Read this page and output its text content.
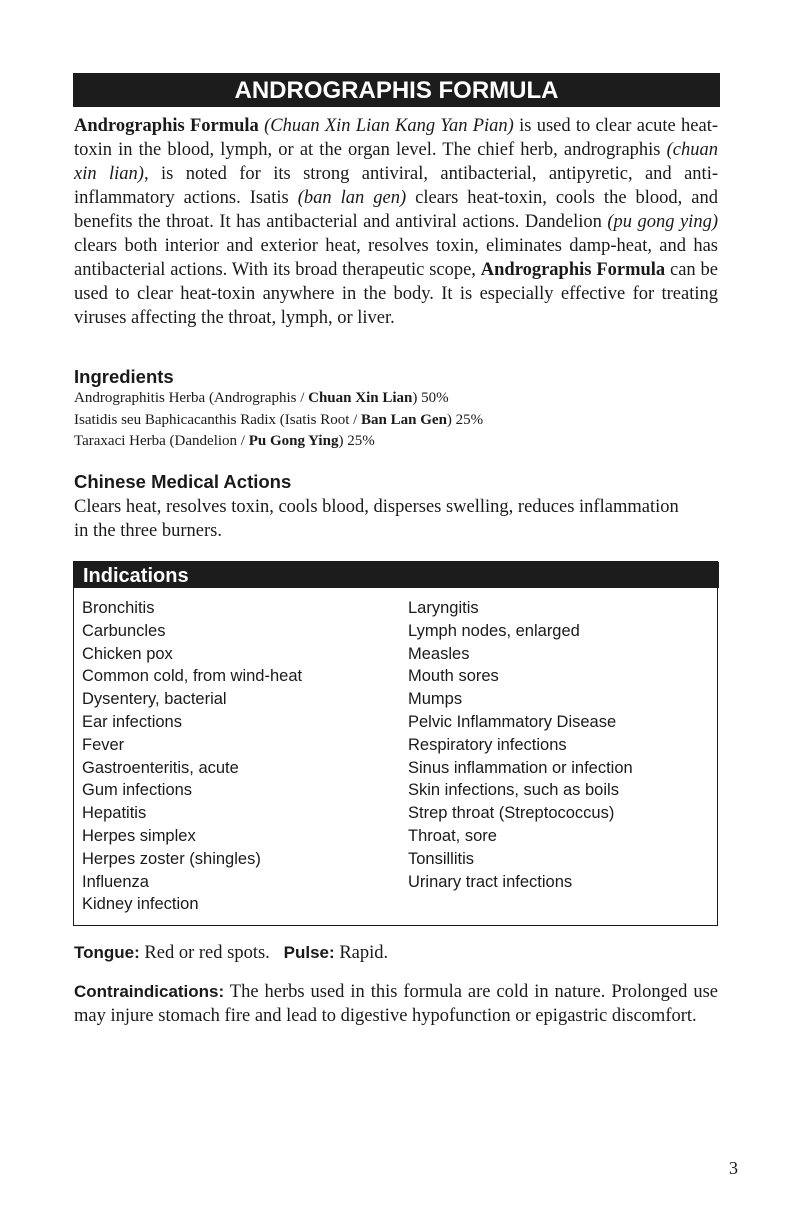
ANDROGRAPHIS FORMULA
Andrographis Formula (Chuan Xin Lian Kang Yan Pian) is used to clear acute heat-toxin in the blood, lymph, or at the organ level. The chief herb, andrographis (chuan xin lian), is noted for its strong antiviral, antibacterial, antipyretic, and anti-inflammatory actions. Isatis (ban lan gen) clears heat-toxin, cools the blood, and benefits the throat. It has antibacterial and antiviral actions. Dandelion (pu gong ying) clears both interior and exterior heat, resolves toxin, eliminates damp-heat, and has antibacterial actions. With its broad therapeutic scope, Andrographis Formula can be used to clear heat-toxin anywhere in the body. It is especially effective for treating viruses affecting the throat, lymph, or liver.
Ingredients
Andrographitis Herba (Andrographis / Chuan Xin Lian) 50%
Isatidis seu Baphicacanthis Radix (Isatis Root / Ban Lan Gen) 25%
Taraxaci Herba (Dandelion / Pu Gong Ying) 25%
Chinese Medical Actions
Clears heat, resolves toxin, cools blood, disperses swelling, reduces inflammation in the three burners.
Indications
Bronchitis
Carbuncles
Chicken pox
Common cold, from wind-heat
Dysentery, bacterial
Ear infections
Fever
Gastroenteritis, acute
Gum infections
Hepatitis
Herpes simplex
Herpes zoster (shingles)
Influenza
Kidney infection
Laryngitis
Lymph nodes, enlarged
Measles
Mouth sores
Mumps
Pelvic Inflammatory Disease
Respiratory infections
Sinus inflammation or infection
Skin infections, such as boils
Strep throat (Streptococcus)
Throat, sore
Tonsillitis
Urinary tract infections
Tongue: Red or red spots. Pulse: Rapid.
Contraindications: The herbs used in this formula are cold in nature. Prolonged use may injure stomach fire and lead to digestive hypofunction or epigastric discomfort.
3
